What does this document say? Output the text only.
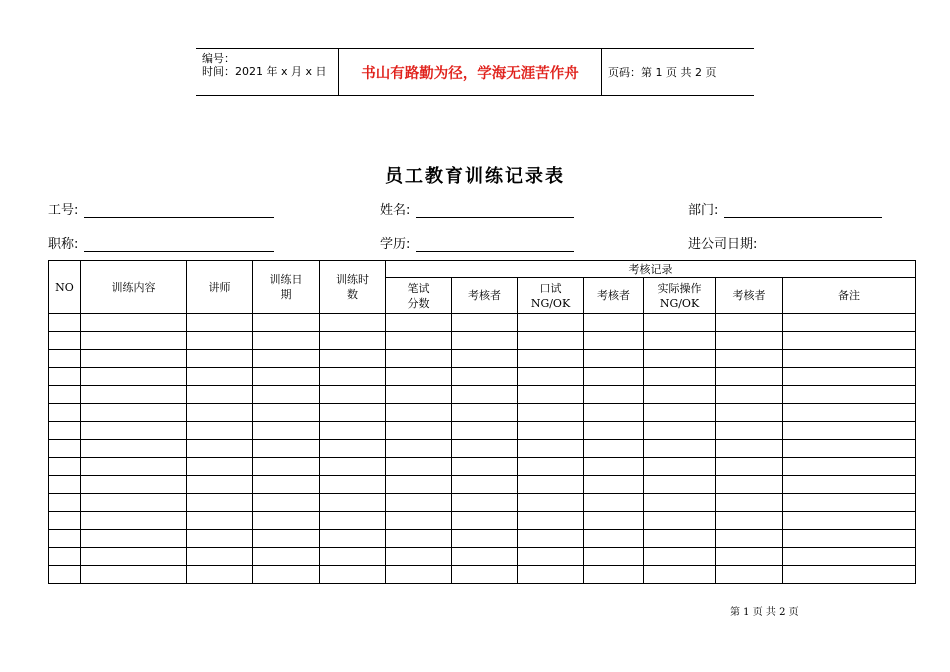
编号：
时间：2021 年 x 月 x 日	书山有路勤为径，学海无涯苦作舟	页码：第 1 页 共 2 页
员工教育训练记录表
工号:	姓名:	部门:
职称:	学历:	进公司日期:
NO	训练内容	讲师	训练日期	训练时数	考核记录						

					笔试分数	考核者	口试NG/OK	考核者	实际操作NG/OK	考核者	备注

第 1 页 共 2 页
